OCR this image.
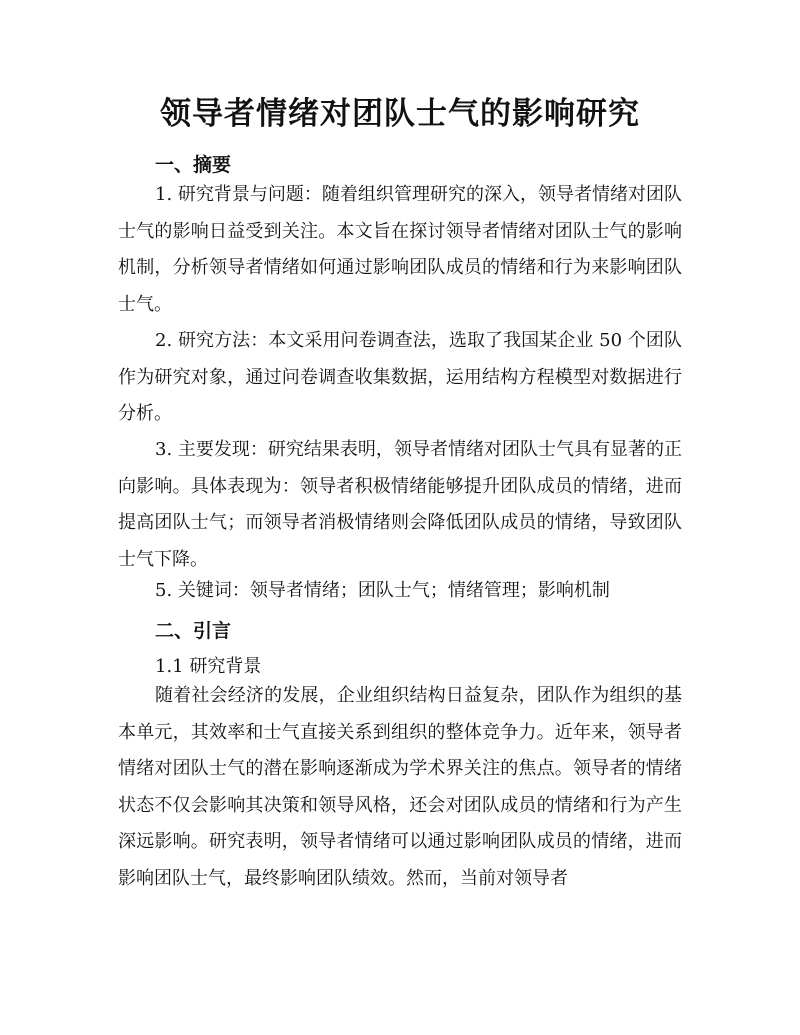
领导者情绪对团队士气的影响研究
一、摘要

1. 研究背景与问题：随着组织管理研究的深入，领导者情绪对团队士气的影响日益受到关注。本文旨在探讨领导者情绪对团队士气的影响机制，分析领导者情绪如何通过影响团队成员的情绪和行为来影响团队士气。

2. 研究方法：本文采用问卷调查法，选取了我国某企业 50 个团队作为研究对象，通过问卷调查收集数据，运用结构方程模型对数据进行分析。

3. 主要发现：研究结果表明，领导者情绪对团队士气具有显著的正向影响。具体表现为：领导者积极情绪能够提升团队成员的情绪，进而提高团队士气；而领导者消极情绪则会降低团队成员的情绪，导致团队士气下降。

5. 关键词：领导者情绪；团队士气；情绪管理；影响机制

二、引言

1.1 研究背景

随着社会经济的发展，企业组织结构日益复杂，团队作为组织的基本单元，其效率和士气直接关系到组织的整体竞争力。近年来，领导者情绪对团队士气的潜在影响逐渐成为学术界关注的焦点。领导者的情绪状态不仅会影响其决策和领导风格，还会对团队成员的情绪和行为产生深远影响。研究表明，领导者情绪可以通过影响团队成员的情绪，进而影响团队士气，最终影响团队绩效。然而，当前对领导者
